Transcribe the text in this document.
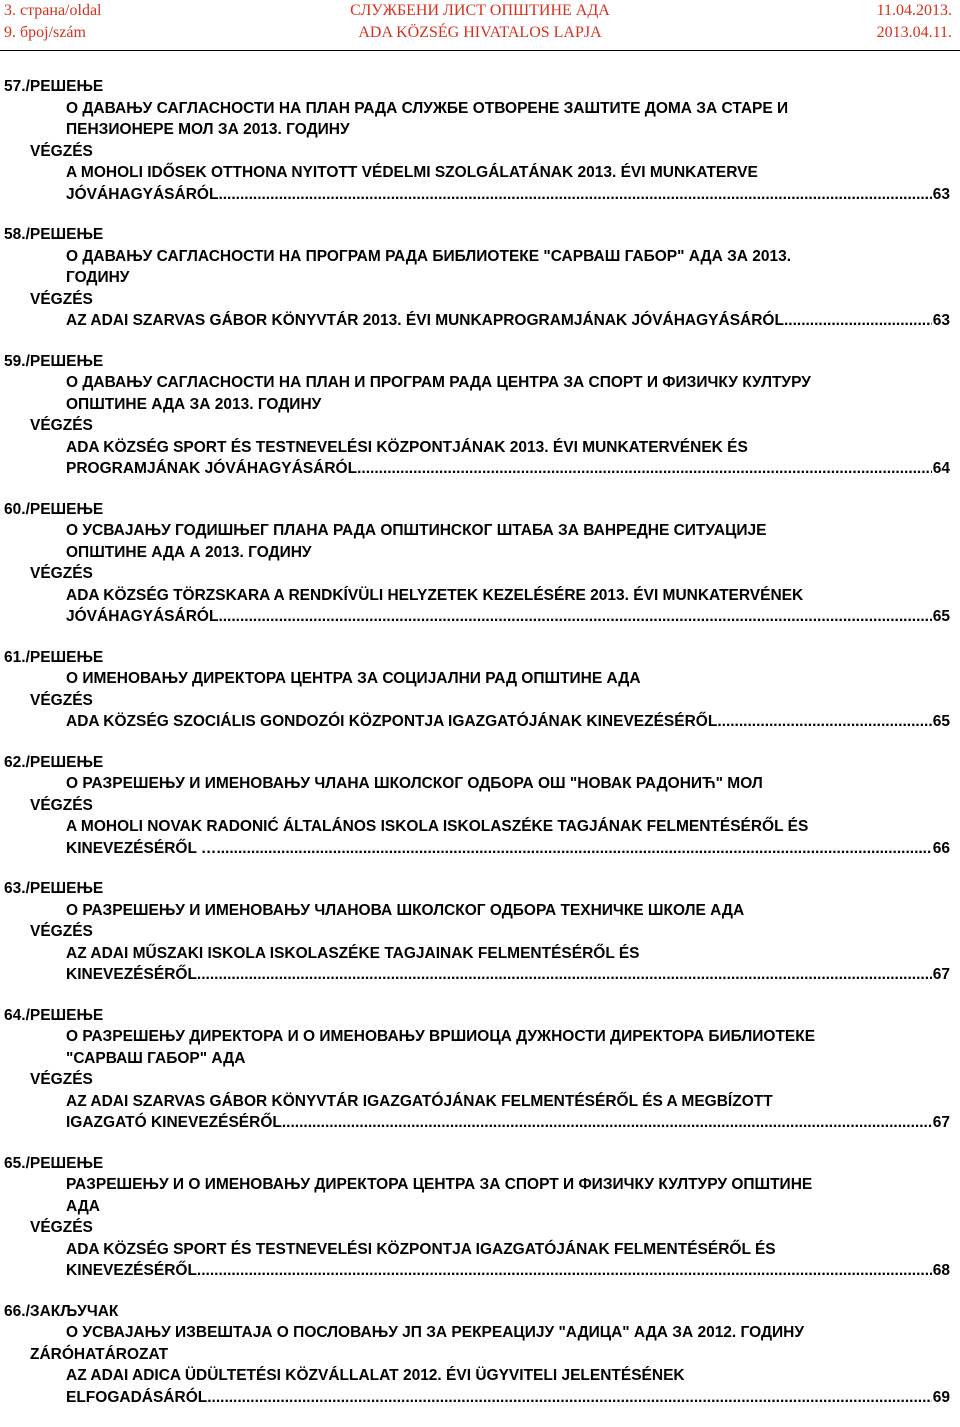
3. страна/oldal
9. број/szám
СЛУЖБЕНИ ЛИСТ ОПШТИНЕ АДА
ADA KÖZSÉG HIVATALOS LAPJA
11.04.2013.
2013.04.11.
57./РЕШЕЊЕ
О ДАВАЊУ САГЛАСНОСТИ НА ПЛАН РАДА СЛУЖБЕ ОТВОРЕНЕ ЗАШТИТЕ ДОМА ЗА СТАРЕ И
ПЕНЗИОНЕРЕ МОЛ ЗА 2013. ГОДИНУ
VÉGZÉS
A MOHOLI IDŐSEK OTTHONA NYITOTT VÉDELMI SZOLGÁLATÁNAK 2013. ÉVI MUNKATERVE
JÓVÁHAGYÁSÁRÓL .....	63
58./РЕШЕЊЕ
О ДАВАЊУ САГЛАСНОСТИ НА ПРОГРАМ РАДА БИБЛИОТЕКЕ "САРВАШ ГАБОР" АДА ЗА 2013.
ГОДИНУ
VÉGZÉS
AZ ADAI SZARVAS GÁBOR KÖNYVTÁR 2013. ÉVI MUNKAPROGRAMJÁNAK JÓVÁHAGYÁSÁRÓL .....	63
59./РЕШЕЊЕ
О ДАВАЊУ САГЛАСНОСТИ НА ПЛАН И ПРОГРАМ РАДА ЦЕНТРА ЗА СПОРТ И ФИЗИЧКУ КУЛТУРУ
ОПШТИНЕ АДА ЗА 2013. ГОДИНУ
VÉGZÉS
ADA KÖZSÉG SPORT ÉS TESTNEVELÉSI KÖZPONTJÁNAK 2013. ÉVI MUNKATERVÉNEK ÉS
PROGRAMJÁNAK JÓVÁHAGYÁSÁRÓL .....	64
60./РЕШЕЊЕ
О УСВАЈАЊУ ГОДИШЊЕГ ПЛАНА РАДА ОПШТИНСКОГ ШТАБА ЗА ВАНРЕДНЕ СИТУАЦИЈЕ
ОПШТИНЕ АДА А 2013. ГОДИНУ
VÉGZÉS
ADA KÖZSÉG TÖRZSKARA A RENDKÍVÜLI HELYZETEK KEZELÉSÉRE 2013. ÉVI MUNKATERVÉNEK
JÓVÁHAGYÁSÁRÓL .....	65
61./РЕШЕЊЕ
О ИМЕНОВАЊУ ДИРЕКТОРА ЦЕНТРА ЗА СОЦИЈАЛНИ РАД ОПШТИНЕ АДА
VÉGZÉS
ADA KÖZSÉG SZOCIÁLIS GONDOZÓI KÖZPONTJA IGAZGATÓJÁNAK KINEVEZÉSÉRŐL .....	65
62./РЕШЕЊЕ
О РАЗРЕШЕЊУ И ИМЕНОВАЊУ ЧЛАНА ШКОЛСКОГ ОДБОРА ОШ "НОВАК РАДОНИЋ" МОЛ
VÉGZÉS
A MOHOLI NOVAK RADONIĆ ÁLTALÁNOS ISKOLA ISKOLASZÉKE TAGJÁNAK FELMENTÉSÉRŐL ÉS
KINEVEZÉSÉRŐL … .....	66
63./РЕШЕЊЕ
О РАЗРЕШЕЊУ И ИМЕНОВАЊУ ЧЛАНОВА ШКОЛСКОГ ОДБОРА ТЕХНИЧКЕ ШКОЛЕ АДА
VÉGZÉS
AZ ADAI MŰSZAKI ISKOLA ISKOLASZÉKE TAGJAINAK FELMENTÉSÉRŐL ÉS
KINEVEZÉSÉRŐL .....	67
64./РЕШЕЊЕ
О РАЗРЕШЕЊУ ДИРЕКТОРА И О ИМЕНОВАЊУ ВРШИОЦА ДУЖНОСТИ ДИРЕКТОРА БИБЛИОТЕКЕ
"САРВАШ ГАБОР" АДА
VÉGZÉS
AZ ADAI SZARVAS GÁBOR KÖNYVTÁR IGAZGATÓJÁNAK FELMENTÉSÉRŐL ÉS A MEGBÍZOTT
IGAZGATÓ KINEVEZÉSÉRŐL .....	67
65./РЕШЕЊЕ
РАЗРЕШЕЊУ И О ИМЕНОВАЊУ ДИРЕКТОРА ЦЕНТРА ЗА СПОРТ И ФИЗИЧКУ КУЛТУРУ ОПШТИНЕ
АДА
VÉGZÉS
ADA KÖZSÉG SPORT ÉS TESTNEVELÉSI KÖZPONTJA IGAZGATÓJÁNAK FELMENTÉSÉRŐL ÉS
KINEVEZÉSÉRŐL .....	68
66./ЗАКЉУЧАК
О УСВАЈАЊУ ИЗВЕШТАЈА О ПОСЛОВАЊУ ЈП ЗА РЕКРЕАЦИЈУ "АДИЦА" АДА ЗА 2012. ГОДИНУ
ZÁRÓHATÁROZAT
AZ ADAI ADICA ÜDÜLTETÉSI KÖZVÁLLALAT 2012. ÉVI ÜGYVITELI JELENTÉSÉNEK
ELFOGADÁSÁRÓL .....	69
